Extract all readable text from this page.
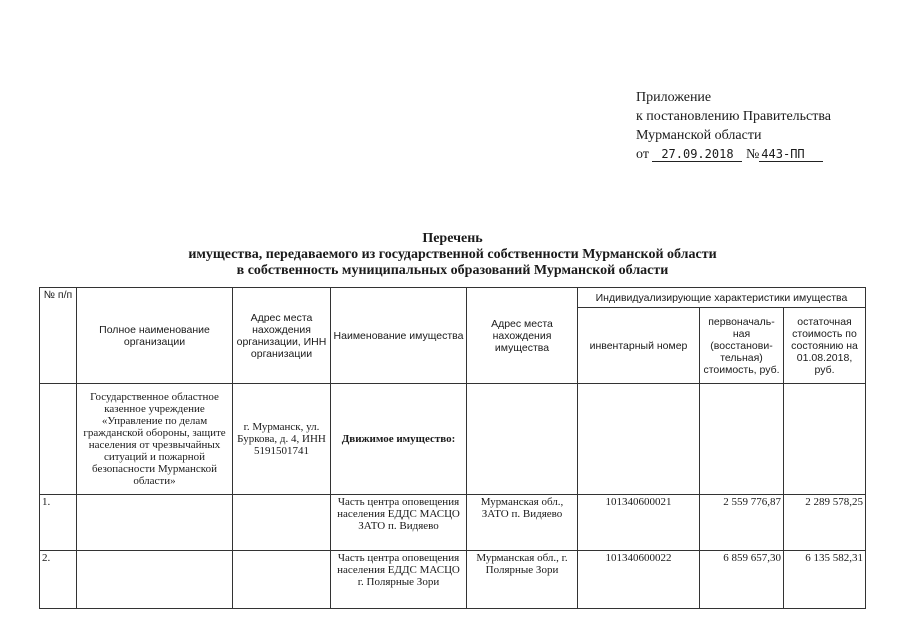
Приложение
к постановлению Правительства
Мурманской области
от 27.09.2018 № 443-ПП
Перечень
имущества, передаваемого из государственной собственности Мурманской области
в собственность муниципальных образований Мурманской области
№ п/п	Полное наименование организации	Адрес места нахождения организации, ИНН организации	Наименование имущества	Адрес места нахождения имущества	Индивидуализирующие характеристики имущества		
					инвентарный номер	первоначаль-ная (восстанови-тельная) стоимость, руб.	остаточная стоимость по состоянию на 01.08.2018, руб.
	Государственное областное казенное учреждение «Управление по делам гражданской обороны, защите населения от чрезвычайных ситуаций и пожарной безопасности Мурманской области»	г. Мурманск, ул. Буркова, д. 4, ИНН 5191501741	Движимое имущество:				
1.			Часть центра оповещения населения ЕДДС МАСЦО ЗАТО п. Видяево	Мурманская обл., ЗАТО п. Видяево	101340600021	2 559 776,87	2 289 578,25
2.			Часть центра оповещения населения ЕДДС МАСЦО г. Полярные Зори	Мурманская обл., г. Полярные Зори	101340600022	6 859 657,30	6 135 582,31
